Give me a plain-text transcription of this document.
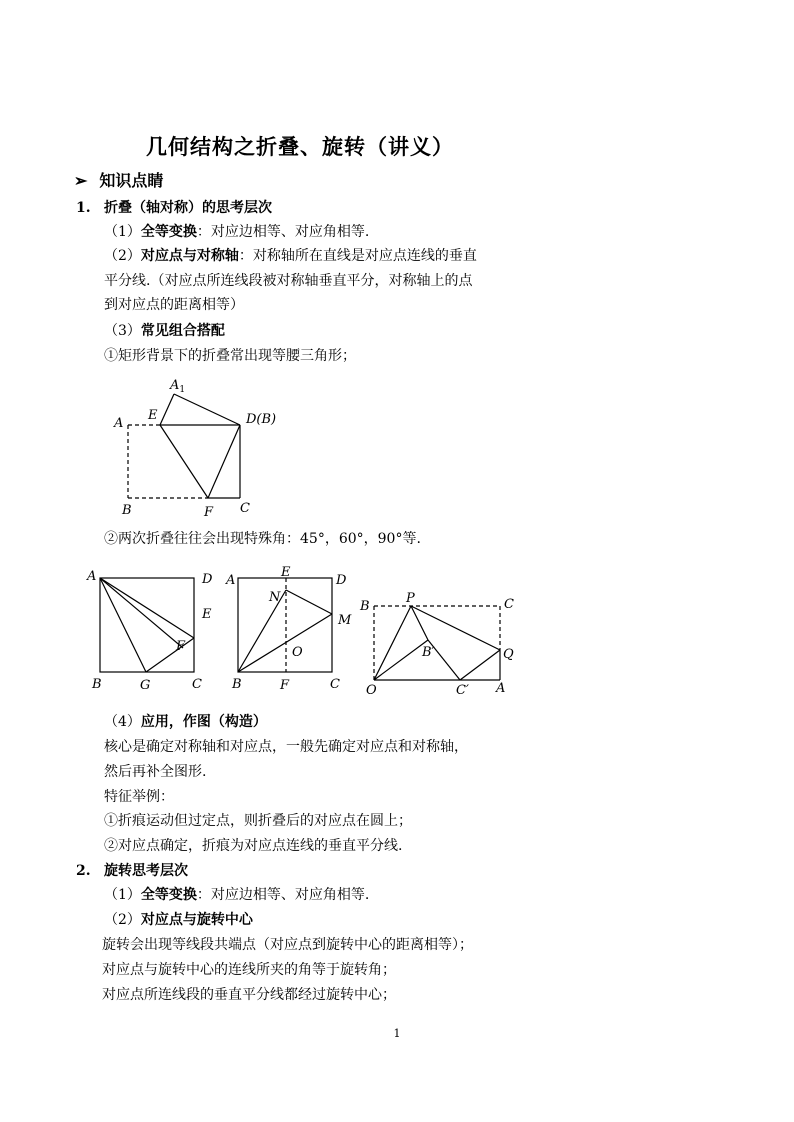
几何结构之折叠、旋转（讲义）
➢ 知识点睛
1. 折叠（轴对称）的思考层次
（1）全等变换：对应边相等、对应角相等.
（2）对应点与对称轴：对称轴所在直线是对应点连线的垂直
平分线.（对应点所连线段被对称轴垂直平分，对称轴上的点
到对应点的距离相等）
（3）常见组合搭配
①矩形背景下的折叠常出现等腰三角形；
$A_1$
A
E	D(B)
B	F C
②两次折叠往往会出现特殊角：45°，60°，90°等.
A	D
E
F
B	G	C
A
E
D
N
M
O
B	F	C
B
P	C
B′	Q
O	C′ A
（4）应用，作图（构造）
核心是确定对称轴和对应点，一般先确定对应点和对称轴，
然后再补全图形.
特征举例：
①折痕运动但过定点，则折叠后的对应点在圆上；
②对应点确定，折痕为对应点连线的垂直平分线.
2. 旋转思考层次
（1）全等变换：对应边相等、对应角相等.
（2）对应点与旋转中心
旋转会出现等线段共端点（对应点到旋转中心的距离相等）；
对应点与旋转中心的连线所夹的角等于旋转角；
对应点所连线段的垂直平分线都经过旋转中心；
1
